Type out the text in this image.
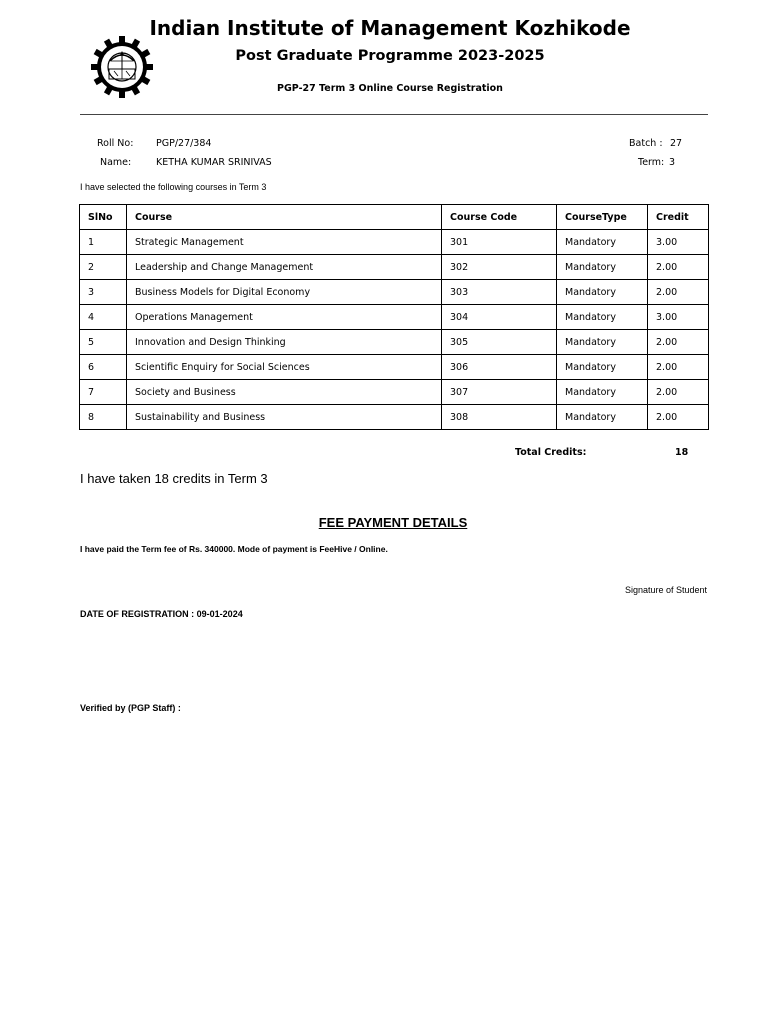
Indian Institute of Management Kozhikode
Post Graduate Programme 2023-2025
PGP-27 Term 3 Online Course Registration
Roll No: PGP/27/384
Name:	KETHA KUMAR SRINIVAS
Batch : 27
Term: 3
I have selected the following courses in Term 3
SlNo	Course	Course Code	CourseType	Credit
1	Strategic Management	301	Mandatory	3.00
2	Leadership and Change Management	302	Mandatory	2.00
3	Business Models for Digital Economy	303	Mandatory	2.00
4	Operations Management	304	Mandatory	3.00
5	Innovation and Design Thinking	305	Mandatory	2.00
6	Scientific Enquiry for Social Sciences	306	Mandatory	2.00
7	Society and Business	307	Mandatory	2.00
8	Sustainability and Business	308	Mandatory	2.00
Total Credits:	18
I have taken 18 credits in Term 3
FEE PAYMENT DETAILS
I have paid the Term fee of Rs. 340000. Mode of payment is FeeHive / Online.
Signature of Student
DATE OF REGISTRATION : 09-01-2024
Verified by (PGP Staff) :
